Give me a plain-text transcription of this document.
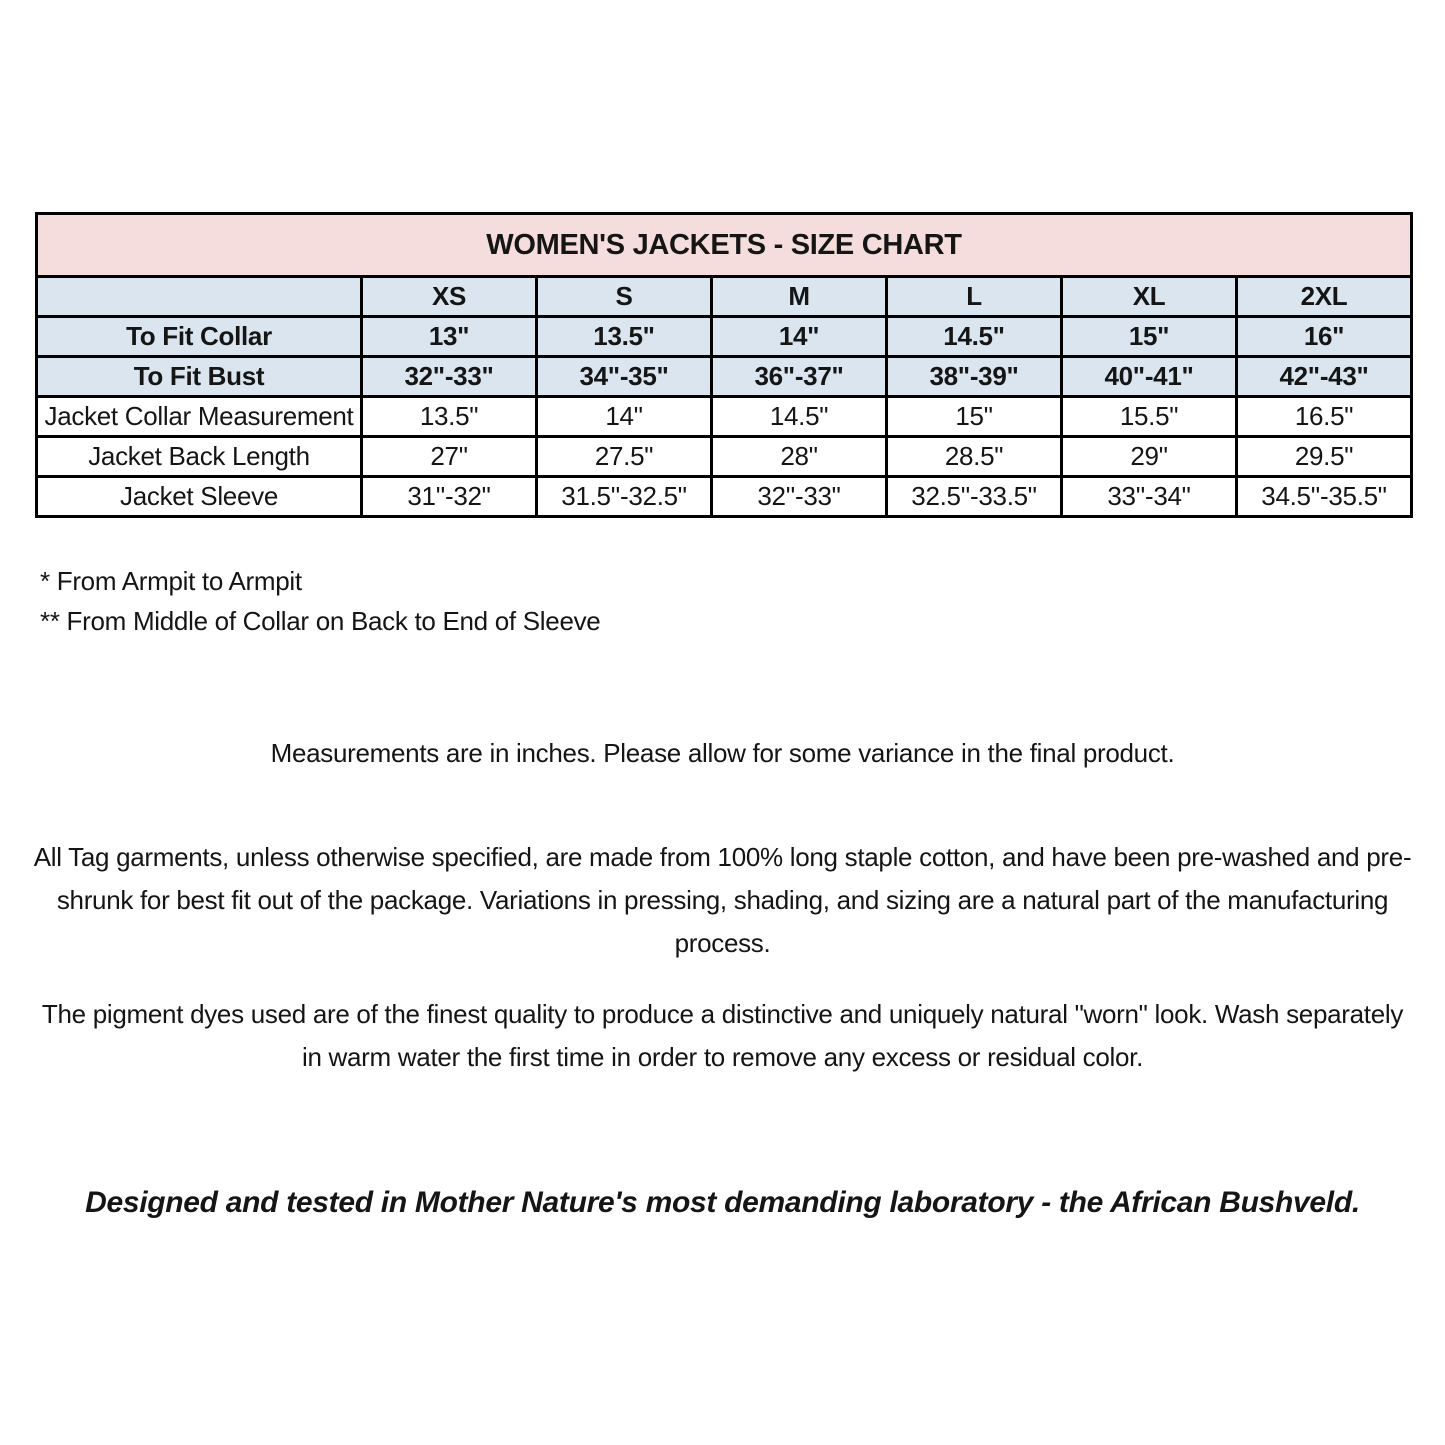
WOMEN'S JACKETS - SIZE CHART						
	XS	S	M	L	XL	2XL
To Fit Collar	13"	13.5"	14"	14.5"	15"	16"
To Fit Bust	32"-33"	34"-35"	36"-37"	38"-39"	40"-41"	42"-43"
Jacket Collar Measurement	13.5"	14"	14.5"	15"	15.5"	16.5"
Jacket Back Length	27"	27.5"	28"	28.5"	29"	29.5"
Jacket Sleeve	31''-32"	31.5''-32.5"	32''-33"	32.5''-33.5"	33''-34"	34.5''-35.5"
* From Armpit to Armpit
** From Middle of Collar on Back to End of Sleeve

Measurements are in inches. Please allow for some variance in the final product.

All Tag garments, unless otherwise specified, are made from 100% long staple cotton, and have been pre-washed and pre-shrunk for best fit out of the package. Variations in pressing, shading, and sizing are a natural part of the manufacturing process.

The pigment dyes used are of the finest quality to produce a distinctive and uniquely natural "worn" look. Wash separately in warm water the first time in order to remove any excess or residual color.

Designed and tested in Mother Nature's most demanding laboratory - the African Bushveld.
